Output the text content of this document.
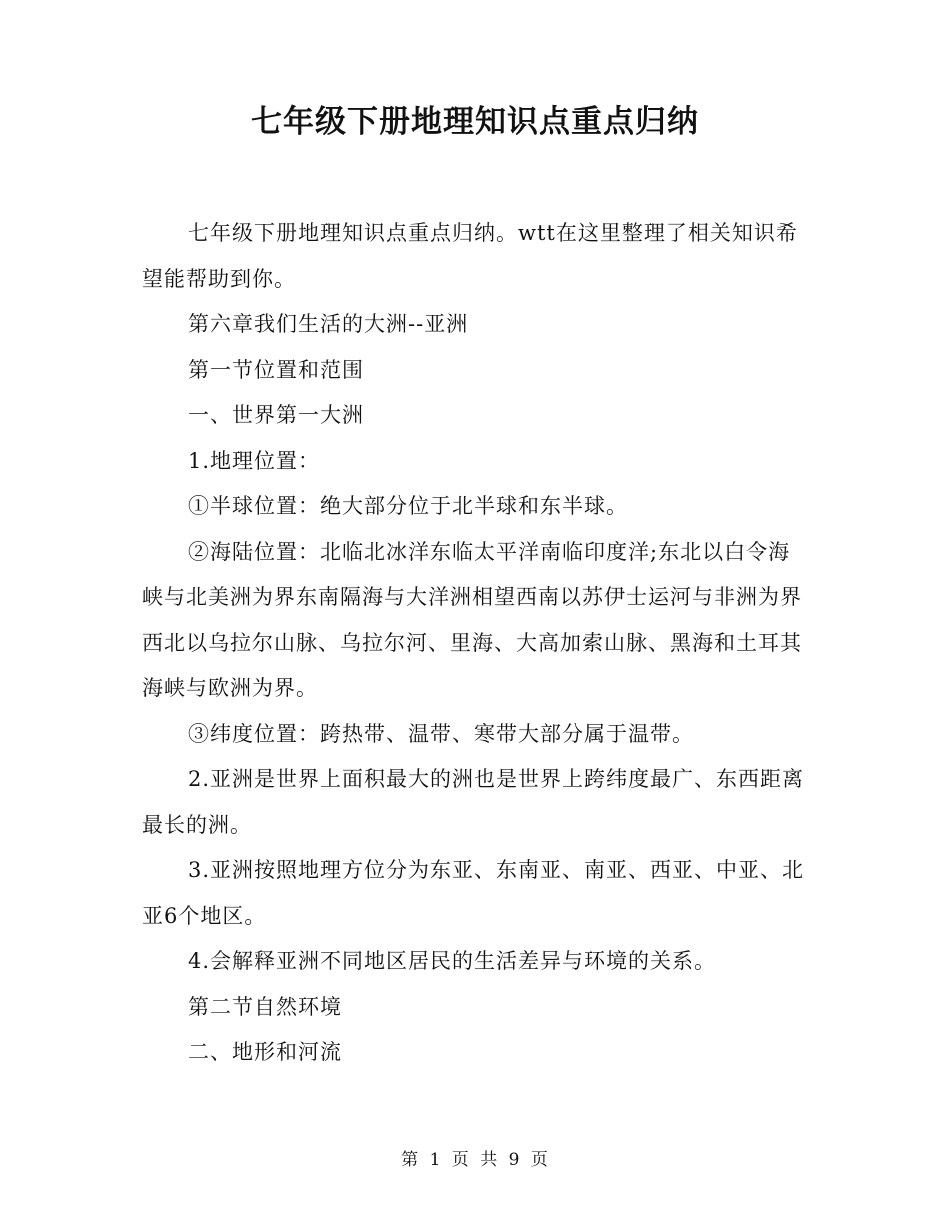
七年级下册地理知识点重点归纳

七年级下册地理知识点重点归纳。wtt在这里整理了相关知识希望能帮助到你。

第六章我们生活的大洲--亚洲

第一节位置和范围

一、世界第一大洲

1.地理位置：

①半球位置：绝大部分位于北半球和东半球。

②海陆位置：北临北冰洋东临太平洋南临印度洋;东北以白令海峡与北美洲为界东南隔海与大洋洲相望西南以苏伊士运河与非洲为界西北以乌拉尔山脉、乌拉尔河、里海、大高加索山脉、黑海和土耳其海峡与欧洲为界。

③纬度位置：跨热带、温带、寒带大部分属于温带。

2.亚洲是世界上面积最大的洲也是世界上跨纬度最广、东西距离最长的洲。

3.亚洲按照地理方位分为东亚、东南亚、南亚、西亚、中亚、北亚6个地区。

4.会解释亚洲不同地区居民的生活差异与环境的关系。

第二节自然环境

二、地形和河流

第 1 页 共 9 页
